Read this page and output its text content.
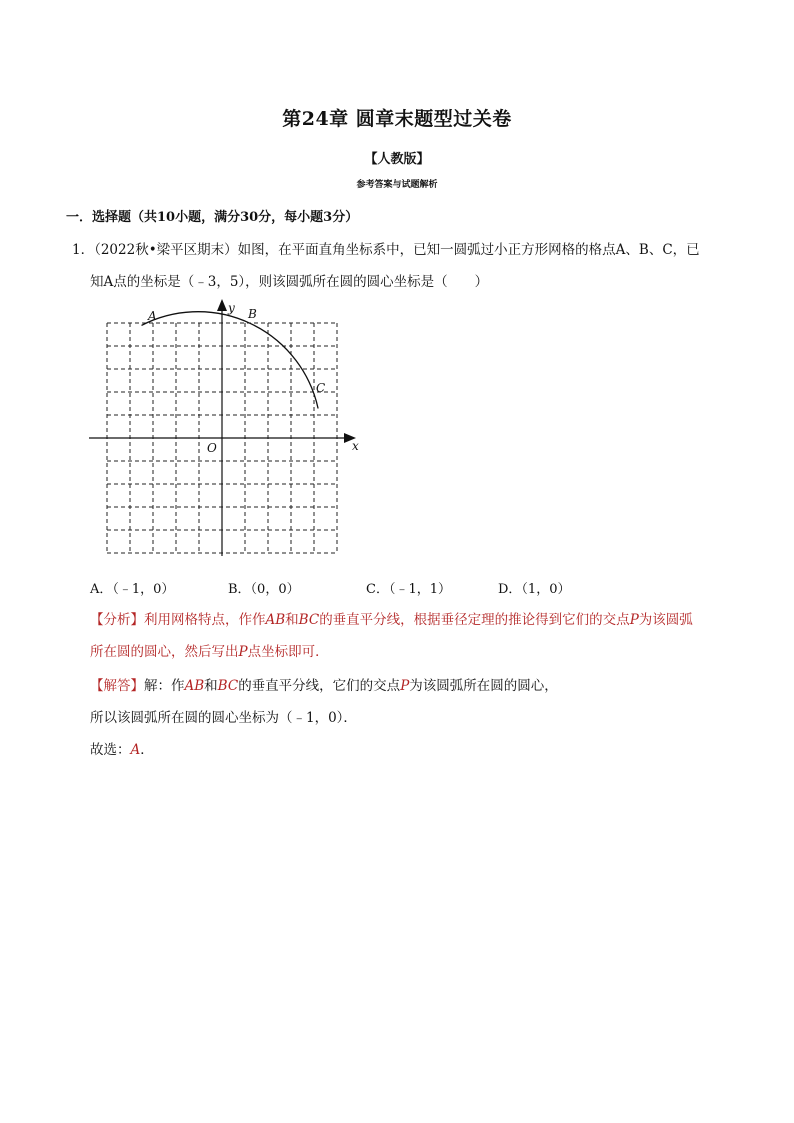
第24章 圆章末题型过关卷
【人教版】
参考答案与试题解析
一．选择题（共10小题，满分30分，每小题3分）
1．（2022秋•梁平区期末）如图，在平面直角坐标系中，已知一圆弧过小正方形网格的格点A、B、C，已
知A点的坐标是（﹣3，5），则该圆弧所在圆的圆心坐标是（　　）
A	B
C
O	x
y
A．（﹣1，0）	B．（0，0）	C．（﹣1，1）	D．（1，0）
【分析】利用网格特点，作作AB和BC的垂直平分线，根据垂径定理的推论得到它们的交点P为该圆弧
所在圆的圆心，然后写出P点坐标即可．
【解答】解：作AB和BC的垂直平分线，它们的交点P为该圆弧所在圆的圆心，
所以该圆弧所在圆的圆心坐标为（﹣1，0）．
故选：A．
